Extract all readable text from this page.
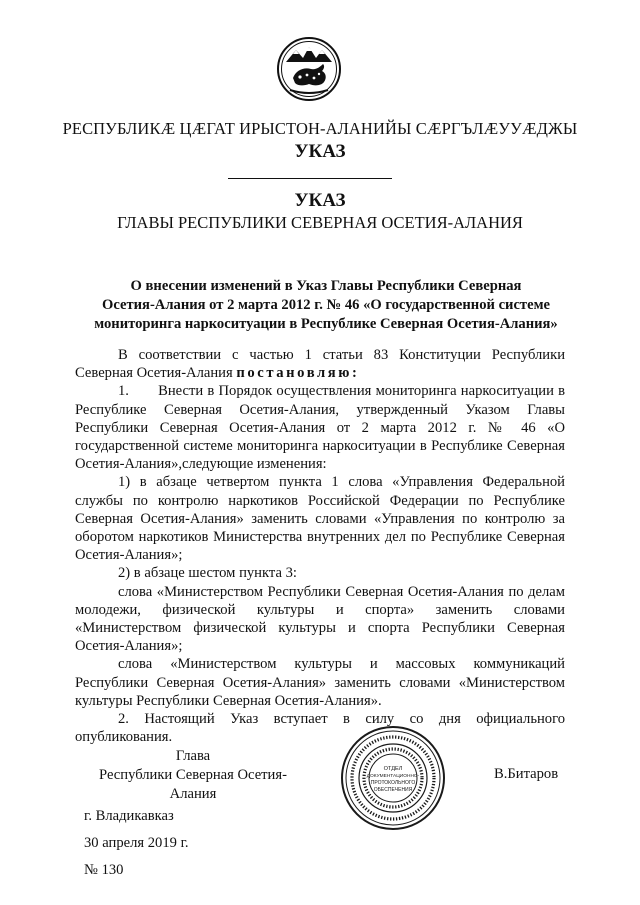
РЕСПУБЛИКӔ ЦӔГАТ ИРЫСТОН-АЛАНИЙЫ СӔРГЪЛӔУУӔДЖЫ
УКАЗ
УКАЗ
ГЛАВЫ РЕСПУБЛИКИ СЕВЕРНАЯ ОСЕТИЯ-АЛАНИЯ
О внесении изменений в Указ Главы Республики Северная
Осетия-Алания от 2 марта 2012 г. № 46 «О государственной системе
мониторинга наркоситуации в Республике Северная Осетия-Алания»

В соответствии с частью 1 статьи 83 Конституции Республики Северная Осетия-Алания постановляю:

1.  Внести в Порядок осуществления мониторинга наркоситуации в Республике Северная Осетия-Алания, утвержденный Указом Главы Республики Северная Осетия-Алания от 2 марта 2012 г. № 46 «О государственной системе мониторинга наркоситуации в Республике Северная Осетия-Алания»,следующие изменения:

1) в абзаце четвертом пункта 1 слова «Управления Федеральной службы по контролю наркотиков Российской Федерации по Республике Северная Осетия-Алания» заменить словами «Управления по контролю за оборотом наркотиков Министерства внутренних дел по Республике Северная Осетия-Алания»;

2) в абзаце шестом пункта 3:

слова «Министерством Республики Северная Осетия-Алания по делам молодежи, физической культуры и спорта» заменить словами «Министерством физической культуры и спорта Республики Северная Осетия-Алания»;

слова «Министерством культуры и массовых коммуникаций Республики Северная Осетия-Алания» заменить словами «Министерством культуры Республики Северная Осетия-Алания».

2. Настоящий Указ вступает в силу со дня официального опубликования.

Глава
Республики Северная Осетия-Алания
ОТДЕЛ
ДОКУМЕНТАЦИОННО-
ПРОТОКОЛЬНОГО
ОБЕСПЕЧЕНИЯ
В.Битаров
г. Владикавказ
30 апреля 2019 г.
№ 130
